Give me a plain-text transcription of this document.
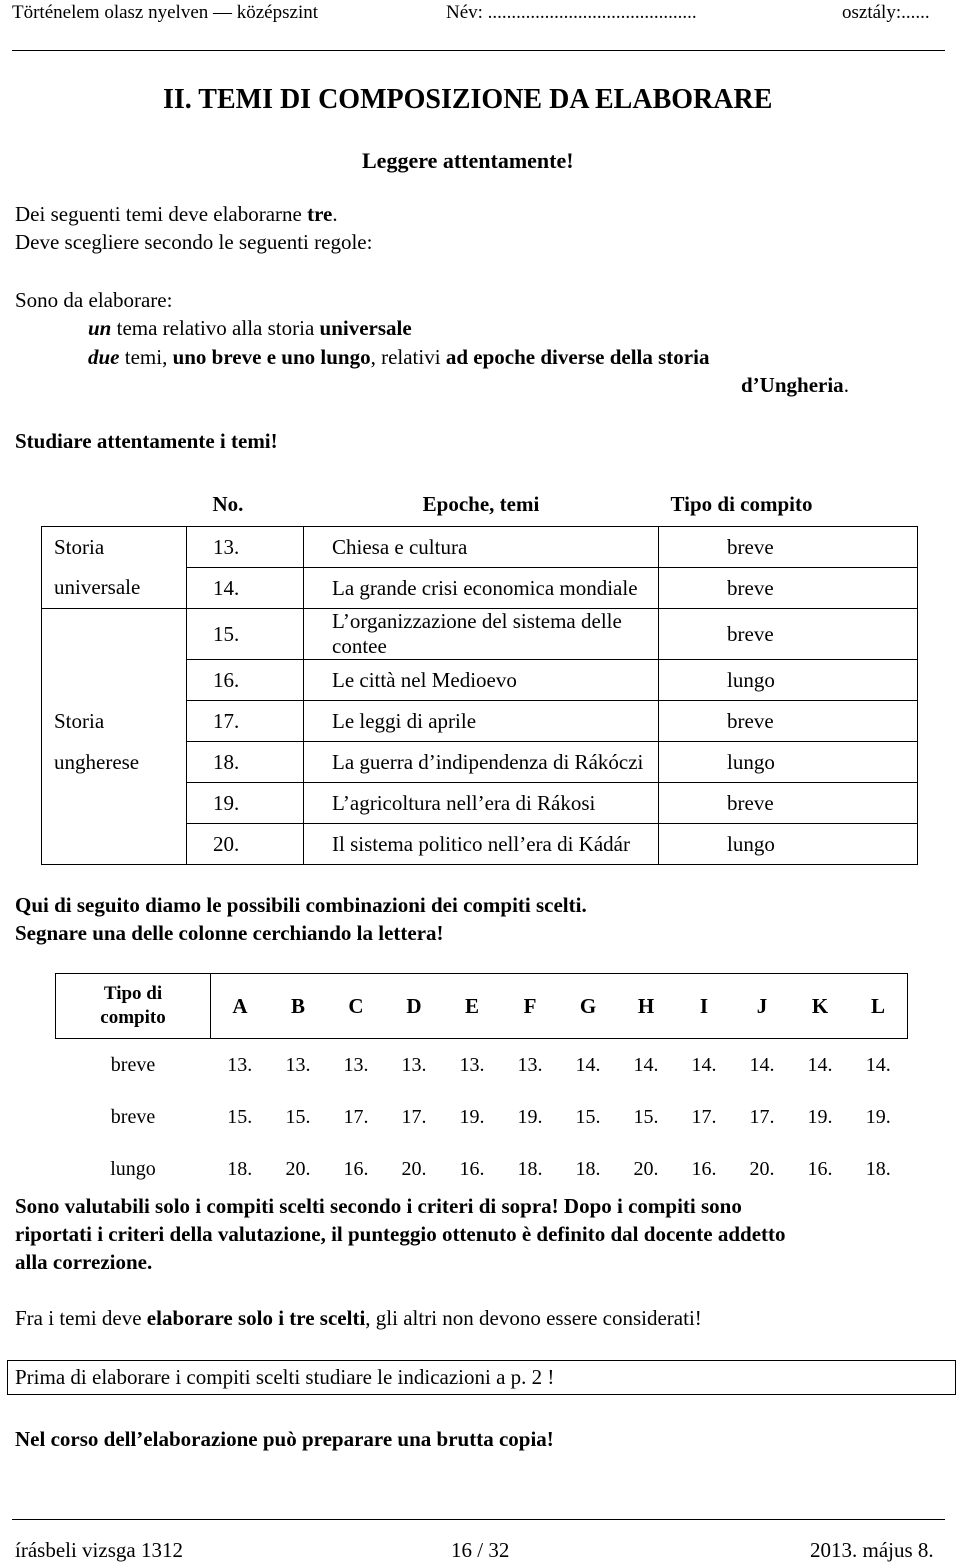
Történelem olasz nyelven — középszint	Név: ............................................	osztály:......
II. TEMI DI COMPOSIZIONE DA ELABORARE
Leggere attentamente!
Dei seguenti temi deve elaborarne tre.
Deve scegliere secondo le seguenti regole:
Sono da elaborare:
un tema relativo alla storia universale
due temi, uno breve e uno lungo, relativi ad epoche diverse della storia
d’Ungheria.
Studiare attentamente i temi!
	No.	Epoche, temi	Tipo di compito
Storia	13.	Chiesa e cultura	breve
universale	14.	La grande crisi economica mondiale	breve
	15.	L’organizzazione del sistema delle contee	breve
	16.	Le città nel Medioevo	lungo
Storia	17.	Le leggi di aprile	breve
ungherese	18.	La guerra d’indipendenza di Rákóczi	lungo
	19.	L’agricoltura nell’era di Rákosi	breve
	20.	Il sistema politico nell’era di Kádár	lungo
Qui di seguito diamo le possibili combinazioni dei compiti scelti.
Segnare una delle colonne cerchiando la lettera!
Tipo di
compito	A	B	C	D	E	F	G	H	I	J	K	L
breve	13.	13.	13.	13.	13.	13.	14.	14.	14.	14.	14.	14.
breve	15.	15.	17.	17.	19.	19.	15.	15.	17.	17.	19.	19.
lungo	18.	20.	16.	20.	16.	18.	18.	20.	16.	20.	16.	18.
Sono valutabili solo i compiti scelti secondo i criteri di sopra! Dopo i compiti sono
riportati i criteri della valutazione, il punteggio ottenuto è definito dal docente addetto
alla correzione.
Fra i temi deve elaborare solo i tre scelti, gli altri non devono essere considerati!
Prima di elaborare i compiti scelti studiare le indicazioni a p. 2 !
Nel corso dell’elaborazione può preparare una brutta copia!
írásbeli vizsga 1312	16 / 32	2013. május 8.
